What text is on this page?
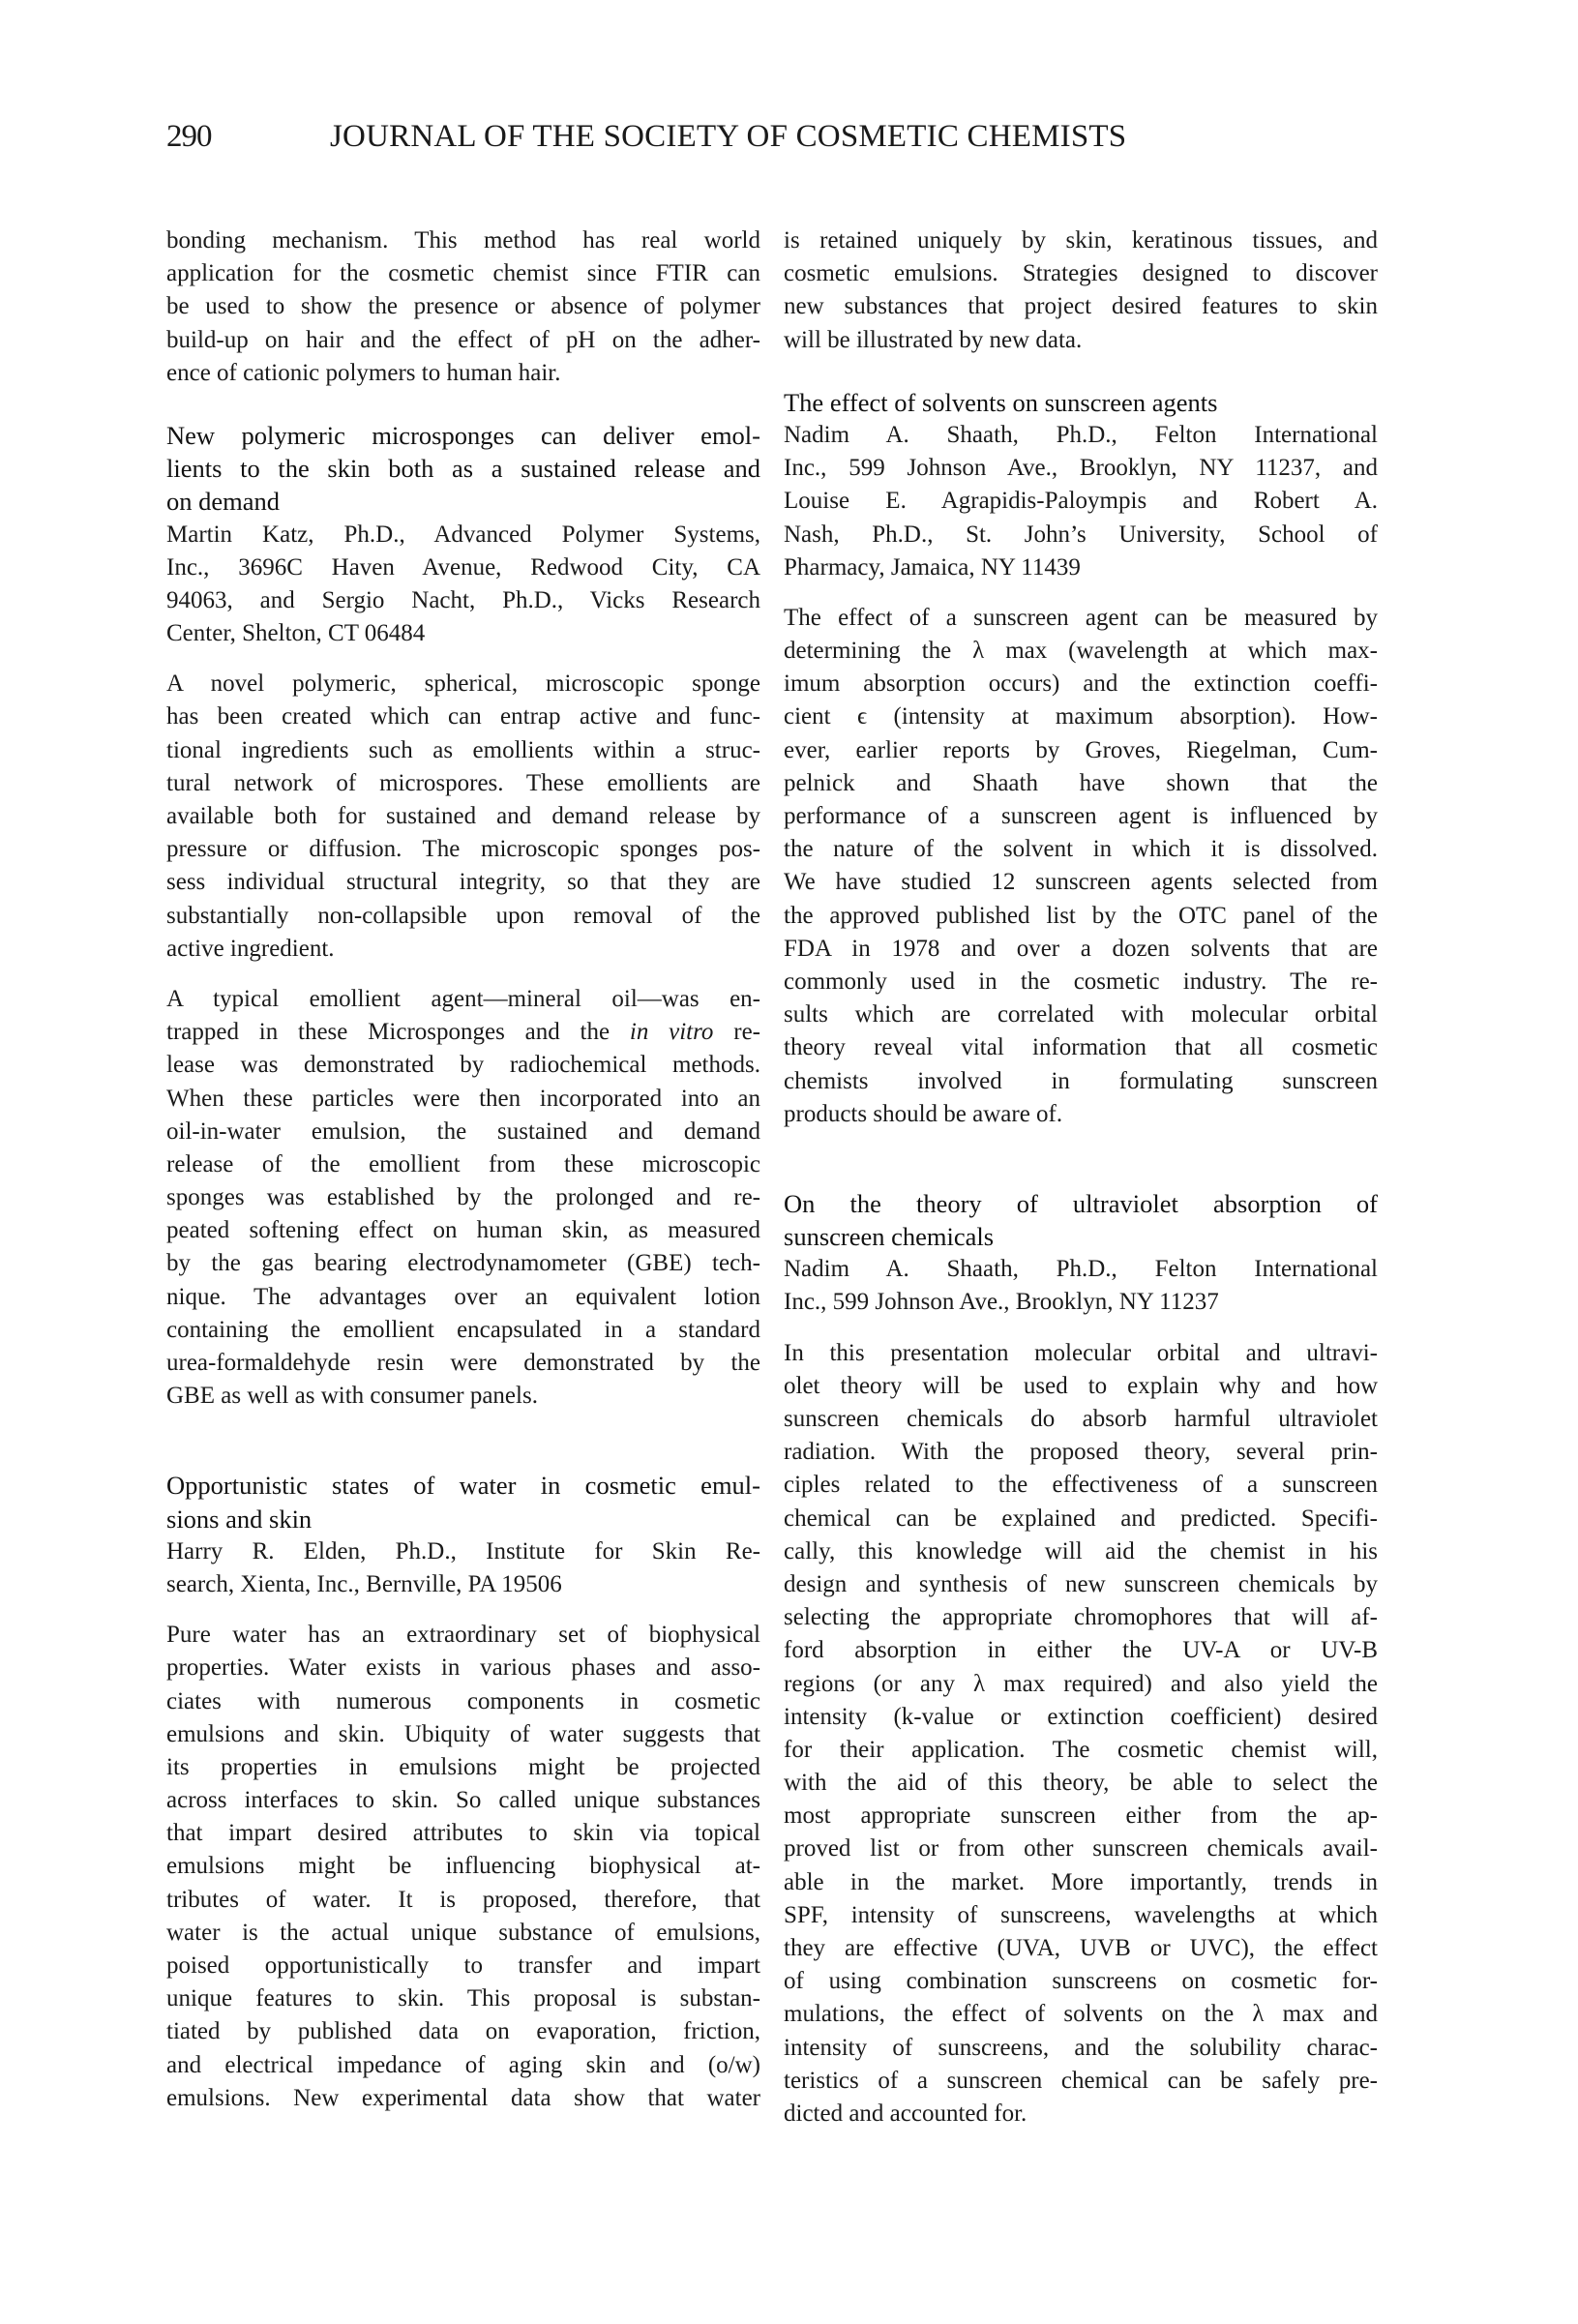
290	JOURNAL OF THE SOCIETY OF COSMETIC CHEMISTS
bonding mechanism. This method has real world
application for the cosmetic chemist since FTIR can
be used to show the presence or absence of polymer
build-up on hair and the effect of pH on the adher-
ence of cationic polymers to human hair.
New polymeric microsponges can deliver emol-
lients to the skin both as a sustained release and
on demand
Martin Katz, Ph.D., Advanced Polymer Systems,
Inc., 3696C Haven Avenue, Redwood City, CA
94063, and Sergio Nacht, Ph.D., Vicks Research
Center, Shelton, CT 06484
A novel polymeric, spherical, microscopic sponge
has been created which can entrap active and func-
tional ingredients such as emollients within a struc-
tural network of microspores. These emollients are
available both for sustained and demand release by
pressure or diffusion. The microscopic sponges pos-
sess individual structural integrity, so that they are
substantially non-collapsible upon removal of the
active ingredient.
A typical emollient agent—mineral oil—was en-
trapped in these Microsponges and the in vitro re-
lease was demonstrated by radiochemical methods.
When these particles were then incorporated into an
oil-in-water emulsion, the sustained and demand
release of the emollient from these microscopic
sponges was established by the prolonged and re-
peated softening effect on human skin, as measured
by the gas bearing electrodynamometer (GBE) tech-
nique. The advantages over an equivalent lotion
containing the emollient encapsulated in a standard
urea-formaldehyde resin were demonstrated by the
GBE as well as with consumer panels.
Opportunistic states of water in cosmetic emul-
sions and skin
Harry R. Elden, Ph.D., Institute for Skin Re-
search, Xienta, Inc., Bernville, PA 19506
Pure water has an extraordinary set of biophysical
properties. Water exists in various phases and asso-
ciates with numerous components in cosmetic
emulsions and skin. Ubiquity of water suggests that
its properties in emulsions might be projected
across interfaces to skin. So called unique substances
that impart desired attributes to skin via topical
emulsions might be influencing biophysical at-
tributes of water. It is proposed, therefore, that
water is the actual unique substance of emulsions,
poised opportunistically to transfer and impart
unique features to skin. This proposal is substan-
tiated by published data on evaporation, friction,
and electrical impedance of aging skin and (o/w)
emulsions. New experimental data show that water
is retained uniquely by skin, keratinous tissues, and
cosmetic emulsions. Strategies designed to discover
new substances that project desired features to skin
will be illustrated by new data.
The effect of solvents on sunscreen agents
Nadim A. Shaath, Ph.D., Felton International
Inc., 599 Johnson Ave., Brooklyn, NY 11237, and
Louise E. Agrapidis-Paloympis and Robert A.
Nash, Ph.D., St. John’s University, School of
Pharmacy, Jamaica, NY 11439
The effect of a sunscreen agent can be measured by
determining the λ max (wavelength at which max-
imum absorption occurs) and the extinction coeffi-
cient ϵ (intensity at maximum absorption). How-
ever, earlier reports by Groves, Riegelman, Cum-
pelnick and Shaath have shown that the
performance of a sunscreen agent is influenced by
the nature of the solvent in which it is dissolved.
We have studied 12 sunscreen agents selected from
the approved published list by the OTC panel of the
FDA in 1978 and over a dozen solvents that are
commonly used in the cosmetic industry. The re-
sults which are correlated with molecular orbital
theory reveal vital information that all cosmetic
chemists involved in formulating sunscreen
products should be aware of.
On the theory of ultraviolet absorption of
sunscreen chemicals
Nadim A. Shaath, Ph.D., Felton International
Inc., 599 Johnson Ave., Brooklyn, NY 11237
In this presentation molecular orbital and ultravi-
olet theory will be used to explain why and how
sunscreen chemicals do absorb harmful ultraviolet
radiation. With the proposed theory, several prin-
ciples related to the effectiveness of a sunscreen
chemical can be explained and predicted. Specifi-
cally, this knowledge will aid the chemist in his
design and synthesis of new sunscreen chemicals by
selecting the appropriate chromophores that will af-
ford absorption in either the UV-A or UV-B
regions (or any λ max required) and also yield the
intensity (k-value or extinction coefficient) desired
for their application. The cosmetic chemist will,
with the aid of this theory, be able to select the
most appropriate sunscreen either from the ap-
proved list or from other sunscreen chemicals avail-
able in the market. More importantly, trends in
SPF, intensity of sunscreens, wavelengths at which
they are effective (UVA, UVB or UVC), the effect
of using combination sunscreens on cosmetic for-
mulations, the effect of solvents on the λ max and
intensity of sunscreens, and the solubility charac-
teristics of a sunscreen chemical can be safely pre-
dicted and accounted for.
